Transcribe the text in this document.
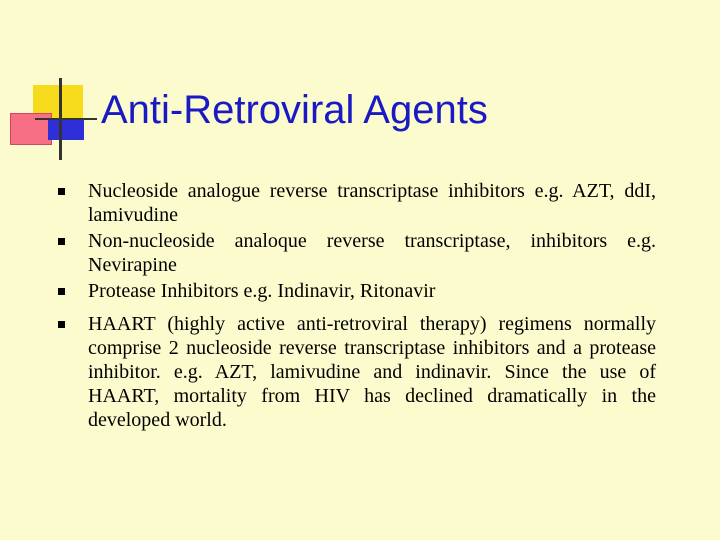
Anti-Retroviral Agents
Nucleoside analogue reverse transcriptase inhibitors e.g. AZT, ddI, lamivudine
Non-nucleoside analoque reverse transcriptase, inhibitors e.g. Nevirapine
Protease Inhibitors e.g. Indinavir, Ritonavir
HAART (highly active anti-retroviral therapy) regimens normally comprise 2 nucleoside reverse transcriptase inhibitors and a protease inhibitor. e.g. AZT, lamivudine and indinavir. Since the use of HAART, mortality from HIV has declined dramatically in the developed world.
